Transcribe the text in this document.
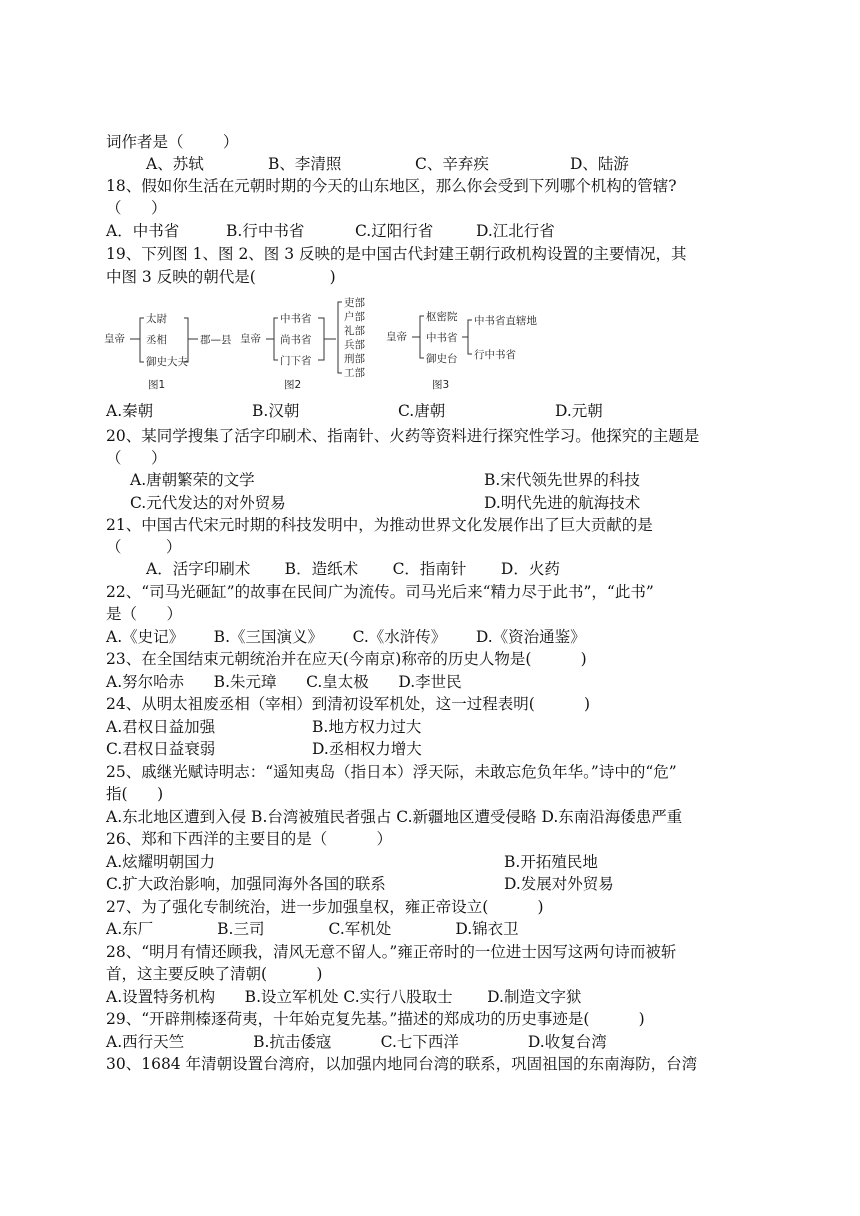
词作者是（        ）
A、苏轼	B、李清照	C、辛弃疾	D、陆游
18、假如你生活在元朝时期的今天的山东地区，那么你会受到下列哪个机构的管辖?
（      ）
A．中书省	B.行中书省	C.辽阳行省	D.江北行省
19、下列图 1、图 2、图 3 反映的是中国古代封建王朝行政机构设置的主要情况，其
中图 3 反映的朝代是(               )
皇帝
太尉
丞相
御史大夫
郡—县
图1
皇帝
中书省
尚书省
门下省
吏部
户部
礼部
兵部
刑部
工部
图2
皇帝
枢密院
中书省
御史台
中书省直辖地
行中书省
图3
A.秦朝	B.汉朝	C.唐朝	D.元朝
20、某同学搜集了活字印刷术、指南针、火药等资料进行探究性学习。他探究的主题是
（      ）
A.唐朝繁荣的文学	B.宋代领先世界的科技
C.元代发达的对外贸易	D.明代先进的航海技术
21、中国古代宋元时期的科技发明中，为推动世界文化发展作出了巨大贡献的是
（         ）
A．活字印刷术       B．造纸术       C．指南针       D．火药
22、“司马光砸缸”的故事在民间广为流传。司马光后来“精力尽于此书”，“此书”
是（      ）
A.《史记》      B.《三国演义》      C.《水浒传》      D.《资治通鉴》
23、在全国结束元朝统治并在应天(今南京)称帝的历史人物是(          )
A.努尔哈赤      B.朱元璋      C.皇太极      D.李世民
24、从明太祖废丞相（宰相）到清初设军机处，这一过程表明(          )
A.君权日益加强	B.地方权力过大
C.君权日益衰弱	D.丞相权力增大
25、戚继光赋诗明志：“遥知夷岛（指日本）浮天际，未敢忘危负年华。”诗中的“危”
指(      )
A.东北地区遭到入侵 B.台湾被殖民者强占 C.新疆地区遭受侵略 D.东南沿海倭患严重
26、郑和下西洋的主要目的是（          ）
A.炫耀明朝国力	B.开拓殖民地
C.扩大政治影响，加强同海外各国的联系	D.发展对外贸易
27、为了强化专制统治，进一步加强皇权，雍正帝设立(          )
A.东厂             B.三司             C.军机处             D.锦衣卫
28、“明月有情还顾我，清风无意不留人。”雍正帝时的一位进士因写这两句诗而被斩
首，这主要反映了清朝(          )
A.设置特务机构      B.设立军机处 C.实行八股取士       D.制造文字狱
29、“开辟荆榛逐荷夷，十年始克复先基。”描述的郑成功的历史事迹是(          )
A.西行天竺              B.抗击倭寇          C.七下西洋              D.收复台湾
30、1684 年清朝设置台湾府，以加强内地同台湾的联系，巩固祖国的东南海防，台湾
